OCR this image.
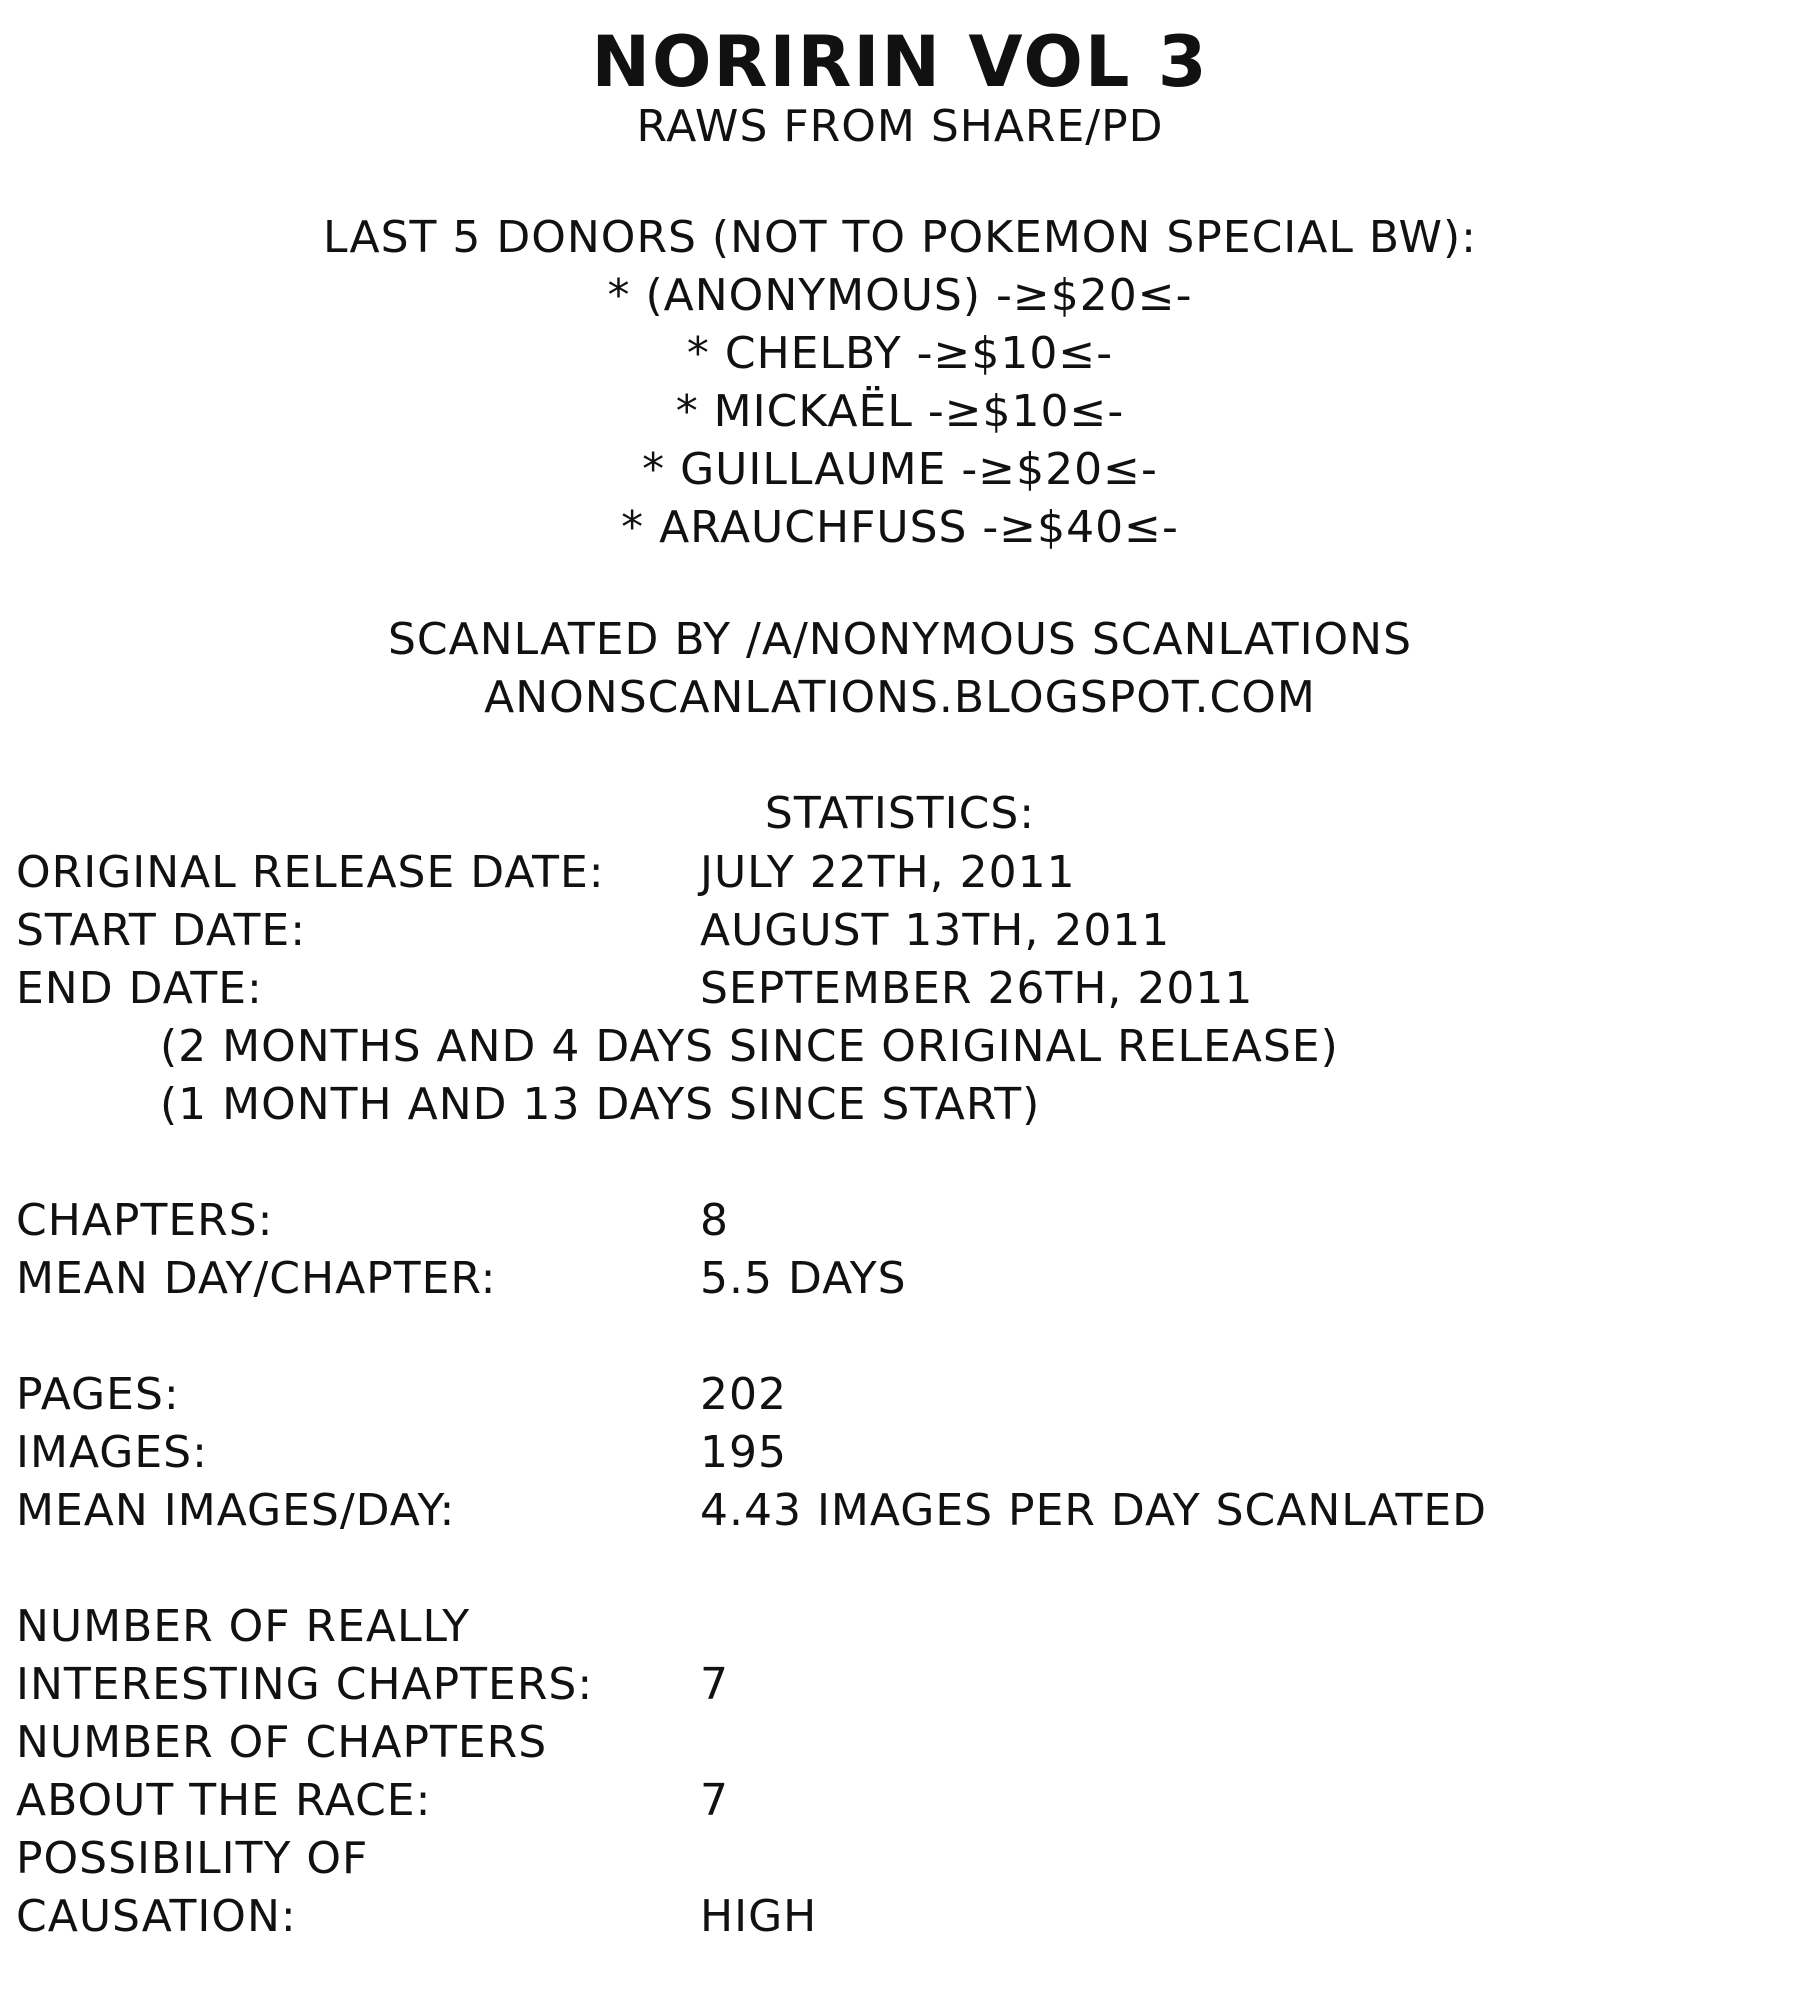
NORIRIN VOL 3
RAWS FROM SHARE/PD
LAST 5 DONORS (NOT TO POKEMON SPECIAL BW):
* (ANONYMOUS) -≥$20≤-
* CHELBY -≥$10≤-
* MICKAËL -≥$10≤-
* GUILLAUME -≥$20≤-
* ARAUCHFUSS -≥$40≤-
SCANLATED BY /A/NONYMOUS SCANLATIONS
ANONSCANLATIONS.BLOGSPOT.COM
STATISTICS:
ORIGINAL RELEASE DATE: JULY 22TH, 2011
START DATE:	AUGUST 13TH, 2011
END DATE:	SEPTEMBER 26TH, 2011
(2 MONTHS AND 4 DAYS SINCE ORIGINAL RELEASE)
(1 MONTH AND 13 DAYS SINCE START)
CHAPTERS:	8
MEAN DAY/CHAPTER:	5.5 DAYS
PAGES:	202
IMAGES:	195
MEAN IMAGES/DAY:	4.43 IMAGES PER DAY SCANLATED
NUMBER OF REALLY
INTERESTING CHAPTERS: 7
NUMBER OF CHAPTERS
ABOUT THE RACE:	7
POSSIBILITY OF
CAUSATION:	HIGH
